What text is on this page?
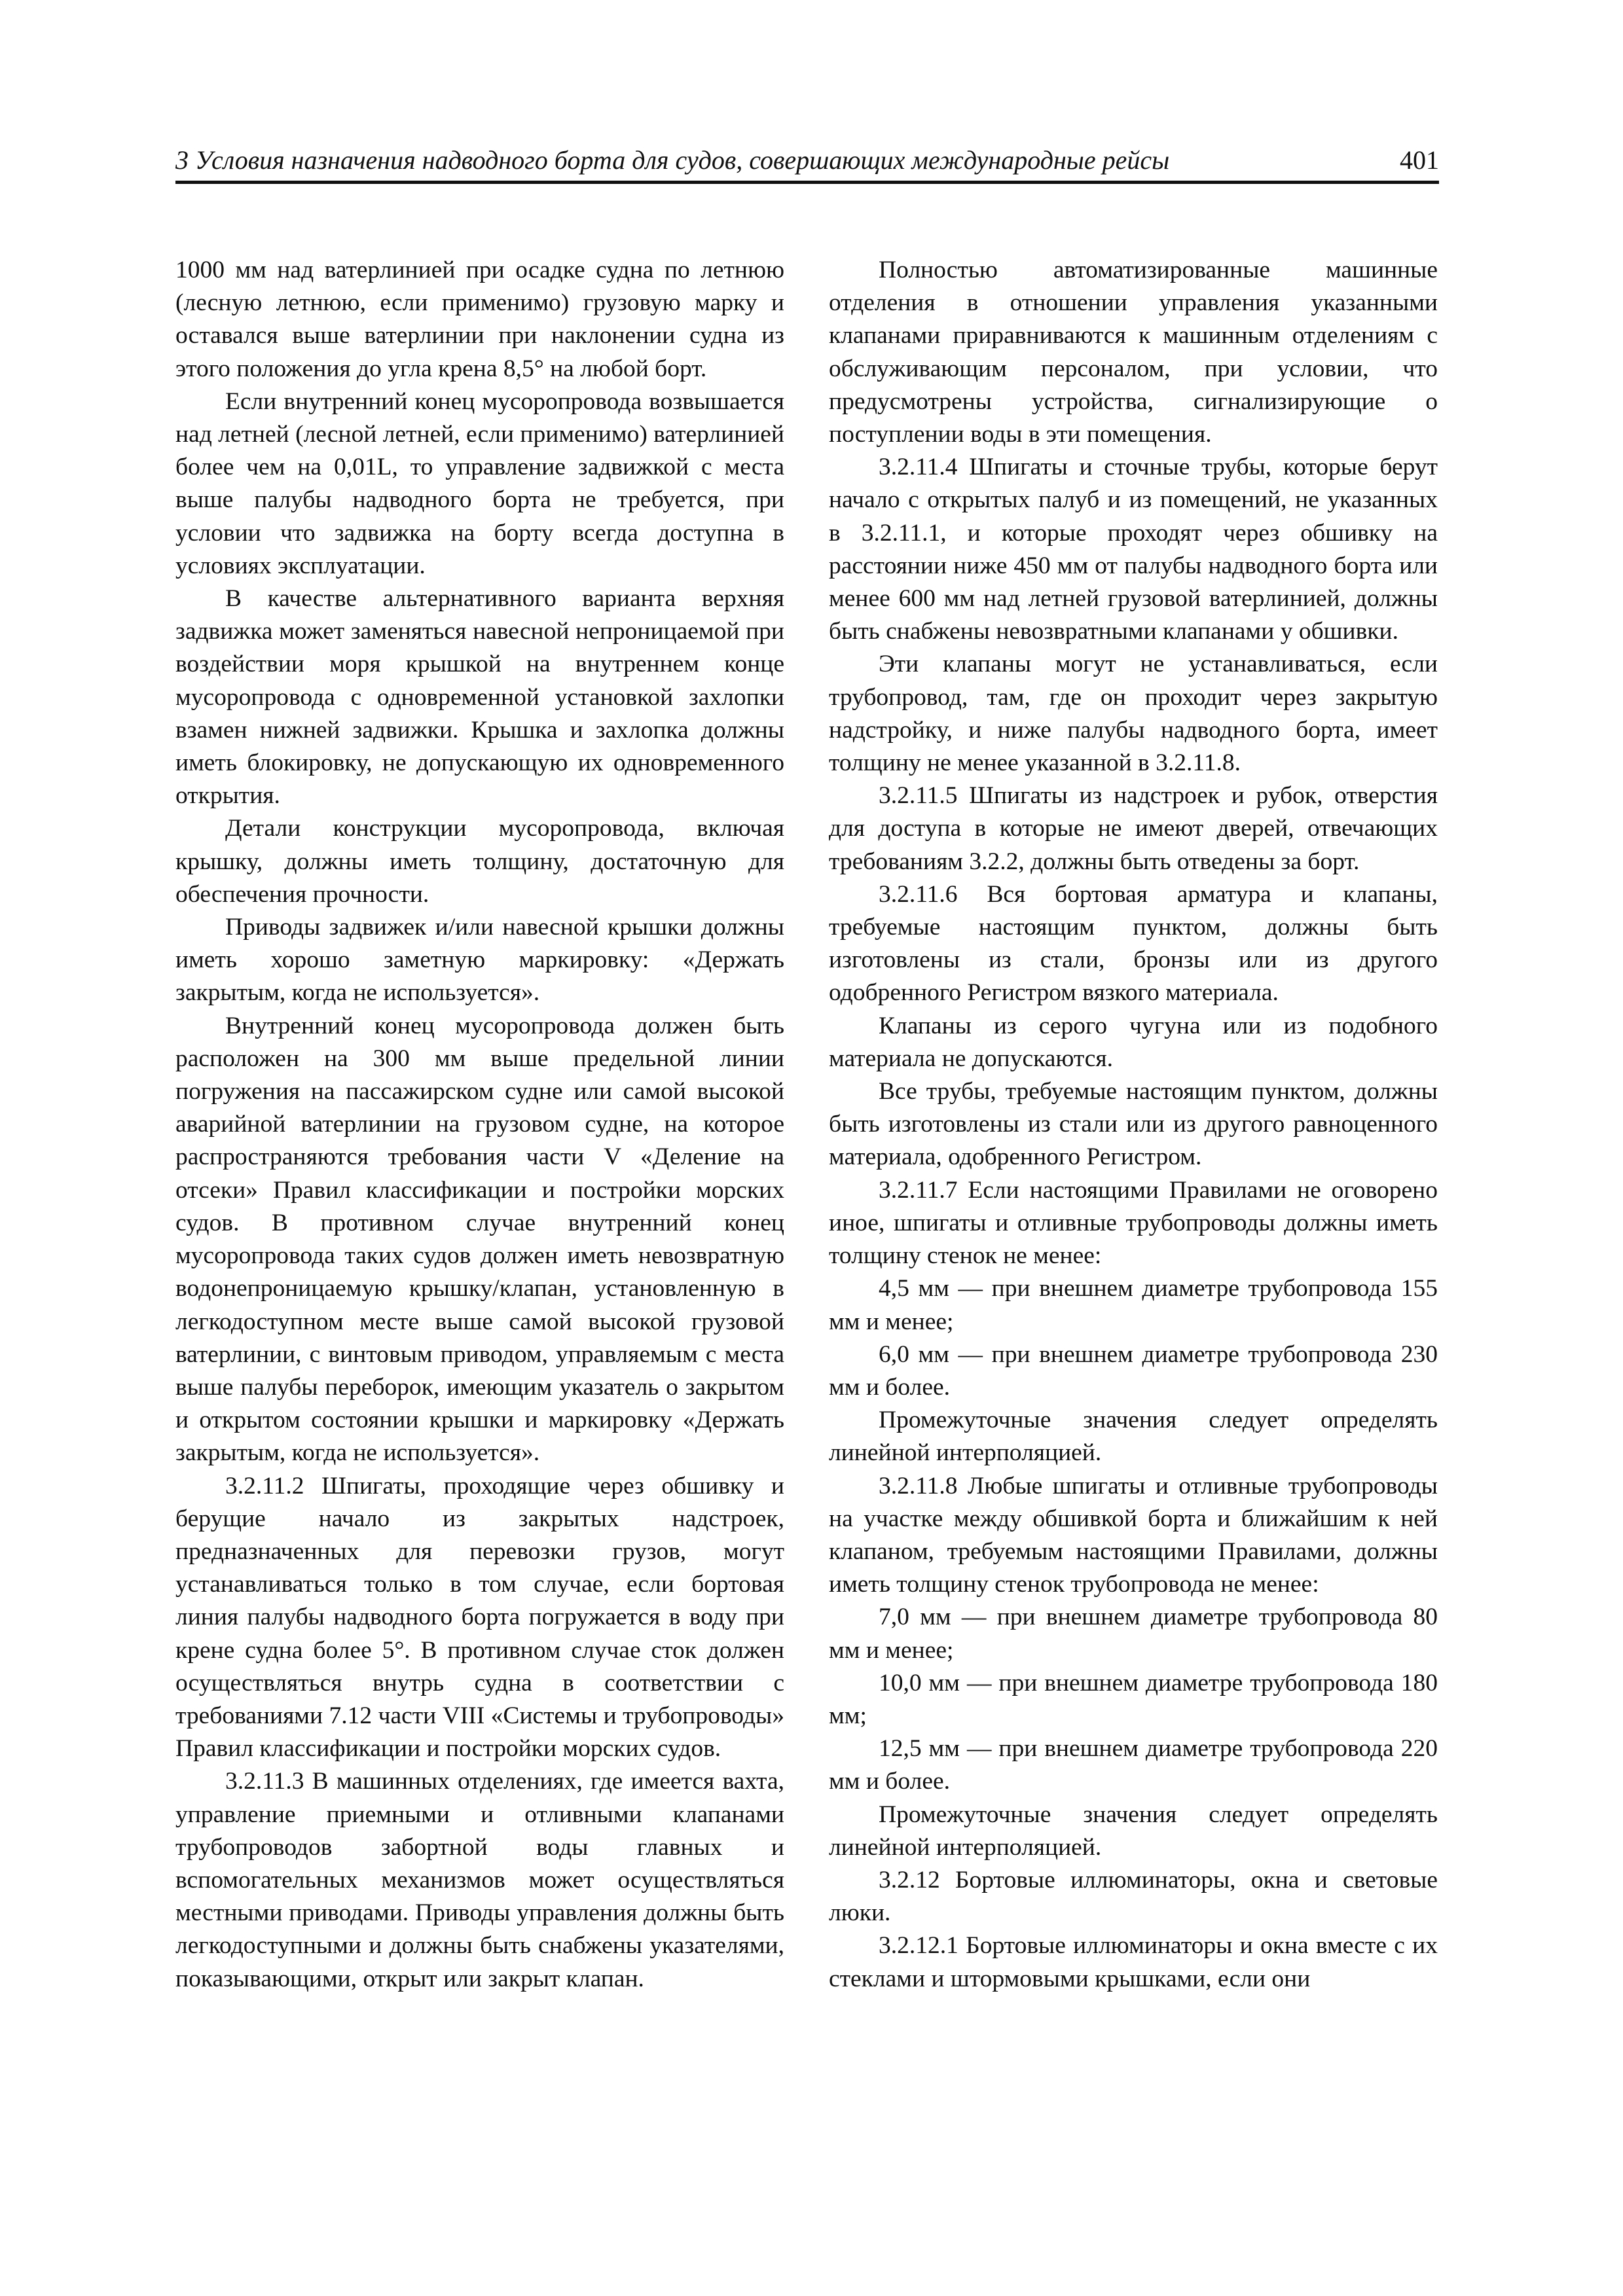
3 Условия назначения надводного борта для судов, совершающих международные рейсы	401

1000 мм над ватерлинией при осадке судна по летнюю (лесную летнюю, если применимо) грузовую марку и оставался выше ватерлинии при наклонении судна из этого положения до угла крена 8,5° на любой борт.

Если внутренний конец мусоропровода возвышается над летней (лесной летней, если применимо) ватерлинией более чем на 0,01L, то управление задвижкой с места выше палубы надводного борта не требуется, при условии что задвижка на борту всегда доступна в условиях эксплуатации.

В качестве альтернативного варианта верхняя задвижка может заменяться навесной непроницаемой при воздействии моря крышкой на внутреннем конце мусоропровода с одновременной установкой захлопки взамен нижней задвижки. Крышка и захлопка должны иметь блокировку, не допускающую их одновременного открытия.

Детали конструкции мусоропровода, включая крышку, должны иметь толщину, достаточную для обеспечения прочности.

Приводы задвижек и/или навесной крышки должны иметь хорошо заметную маркировку: «Держать закрытым, когда не используется».

Внутренний конец мусоропровода должен быть расположен на 300 мм выше предельной линии погружения на пассажирском судне или самой высокой аварийной ватерлинии на грузовом судне, на которое распространяются требования части V «Деление на отсеки» Правил классификации и постройки морских судов. В противном случае внутренний конец мусоропровода таких судов должен иметь невозвратную водонепроницаемую крышку/клапан, установленную в легкодоступном месте выше самой высокой грузовой ватерлинии, с винтовым приводом, управляемым с места выше палубы переборок, имеющим указатель о закрытом и открытом состоянии крышки и маркировку «Держать закрытым, когда не используется».

3.2.11.2 Шпигаты, проходящие через обшивку и берущие начало из закрытых надстроек, предназначенных для перевозки грузов, могут устанавливаться только в том случае, если бортовая линия палубы надводного борта погружается в воду при крене судна более 5°. В противном случае сток должен осуществляться внутрь судна в соответствии с требованиями 7.12 части VIII «Системы и трубопроводы» Правил классификации и постройки морских судов.

3.2.11.3 В машинных отделениях, где имеется вахта, управление приемными и отливными клапанами трубопроводов забортной воды главных и вспомогательных механизмов может осуществляться местными приводами. Приводы управления должны быть легкодоступными и должны быть снабжены указателями, показывающими, открыт или закрыт клапан.

Полностью автоматизированные машинные отделения в отношении управления указанными клапанами приравниваются к машинным отделениям с обслуживающим персоналом, при условии, что предусмотрены устройства, сигнализирующие о поступлении воды в эти помещения.

3.2.11.4 Шпигаты и сточные трубы, которые берут начало с открытых палуб и из помещений, не указанных в 3.2.11.1, и которые проходят через обшивку на расстоянии ниже 450 мм от палубы надводного борта или менее 600 мм над летней грузовой ватерлинией, должны быть снабжены невозвратными клапанами у обшивки.

Эти клапаны могут не устанавливаться, если трубопровод, там, где он проходит через закрытую надстройку, и ниже палубы надводного борта, имеет толщину не менее указанной в 3.2.11.8.

3.2.11.5 Шпигаты из надстроек и рубок, отверстия для доступа в которые не имеют дверей, отвечающих требованиям 3.2.2, должны быть отведены за борт.

3.2.11.6 Вся бортовая арматура и клапаны, требуемые настоящим пунктом, должны быть изготовлены из стали, бронзы или из другого одобренного Регистром вязкого материала.

Клапаны из серого чугуна или из подобного материала не допускаются.

Все трубы, требуемые настоящим пунктом, должны быть изготовлены из стали или из другого равноценного материала, одобренного Регистром.

3.2.11.7 Если настоящими Правилами не оговорено иное, шпигаты и отливные трубопроводы должны иметь толщину стенок не менее:

4,5 мм — при внешнем диаметре трубопровода 155 мм и менее;

6,0 мм — при внешнем диаметре трубопровода 230 мм и более.

Промежуточные значения следует определять линейной интерполяцией.

3.2.11.8 Любые шпигаты и отливные трубопроводы на участке между обшивкой борта и ближайшим к ней клапаном, требуемым настоящими Правилами, должны иметь толщину стенок трубопровода не менее:

7,0 мм — при внешнем диаметре трубопровода 80 мм и менее;

10,0 мм — при внешнем диаметре трубопровода 180 мм;

12,5 мм — при внешнем диаметре трубопровода 220 мм и более.

Промежуточные значения следует определять линейной интерполяцией.

3.2.12 Бортовые иллюминаторы, окна и световые люки.

3.2.12.1 Бортовые иллюминаторы и окна вместе с их стеклами и штормовыми крышками, если они
